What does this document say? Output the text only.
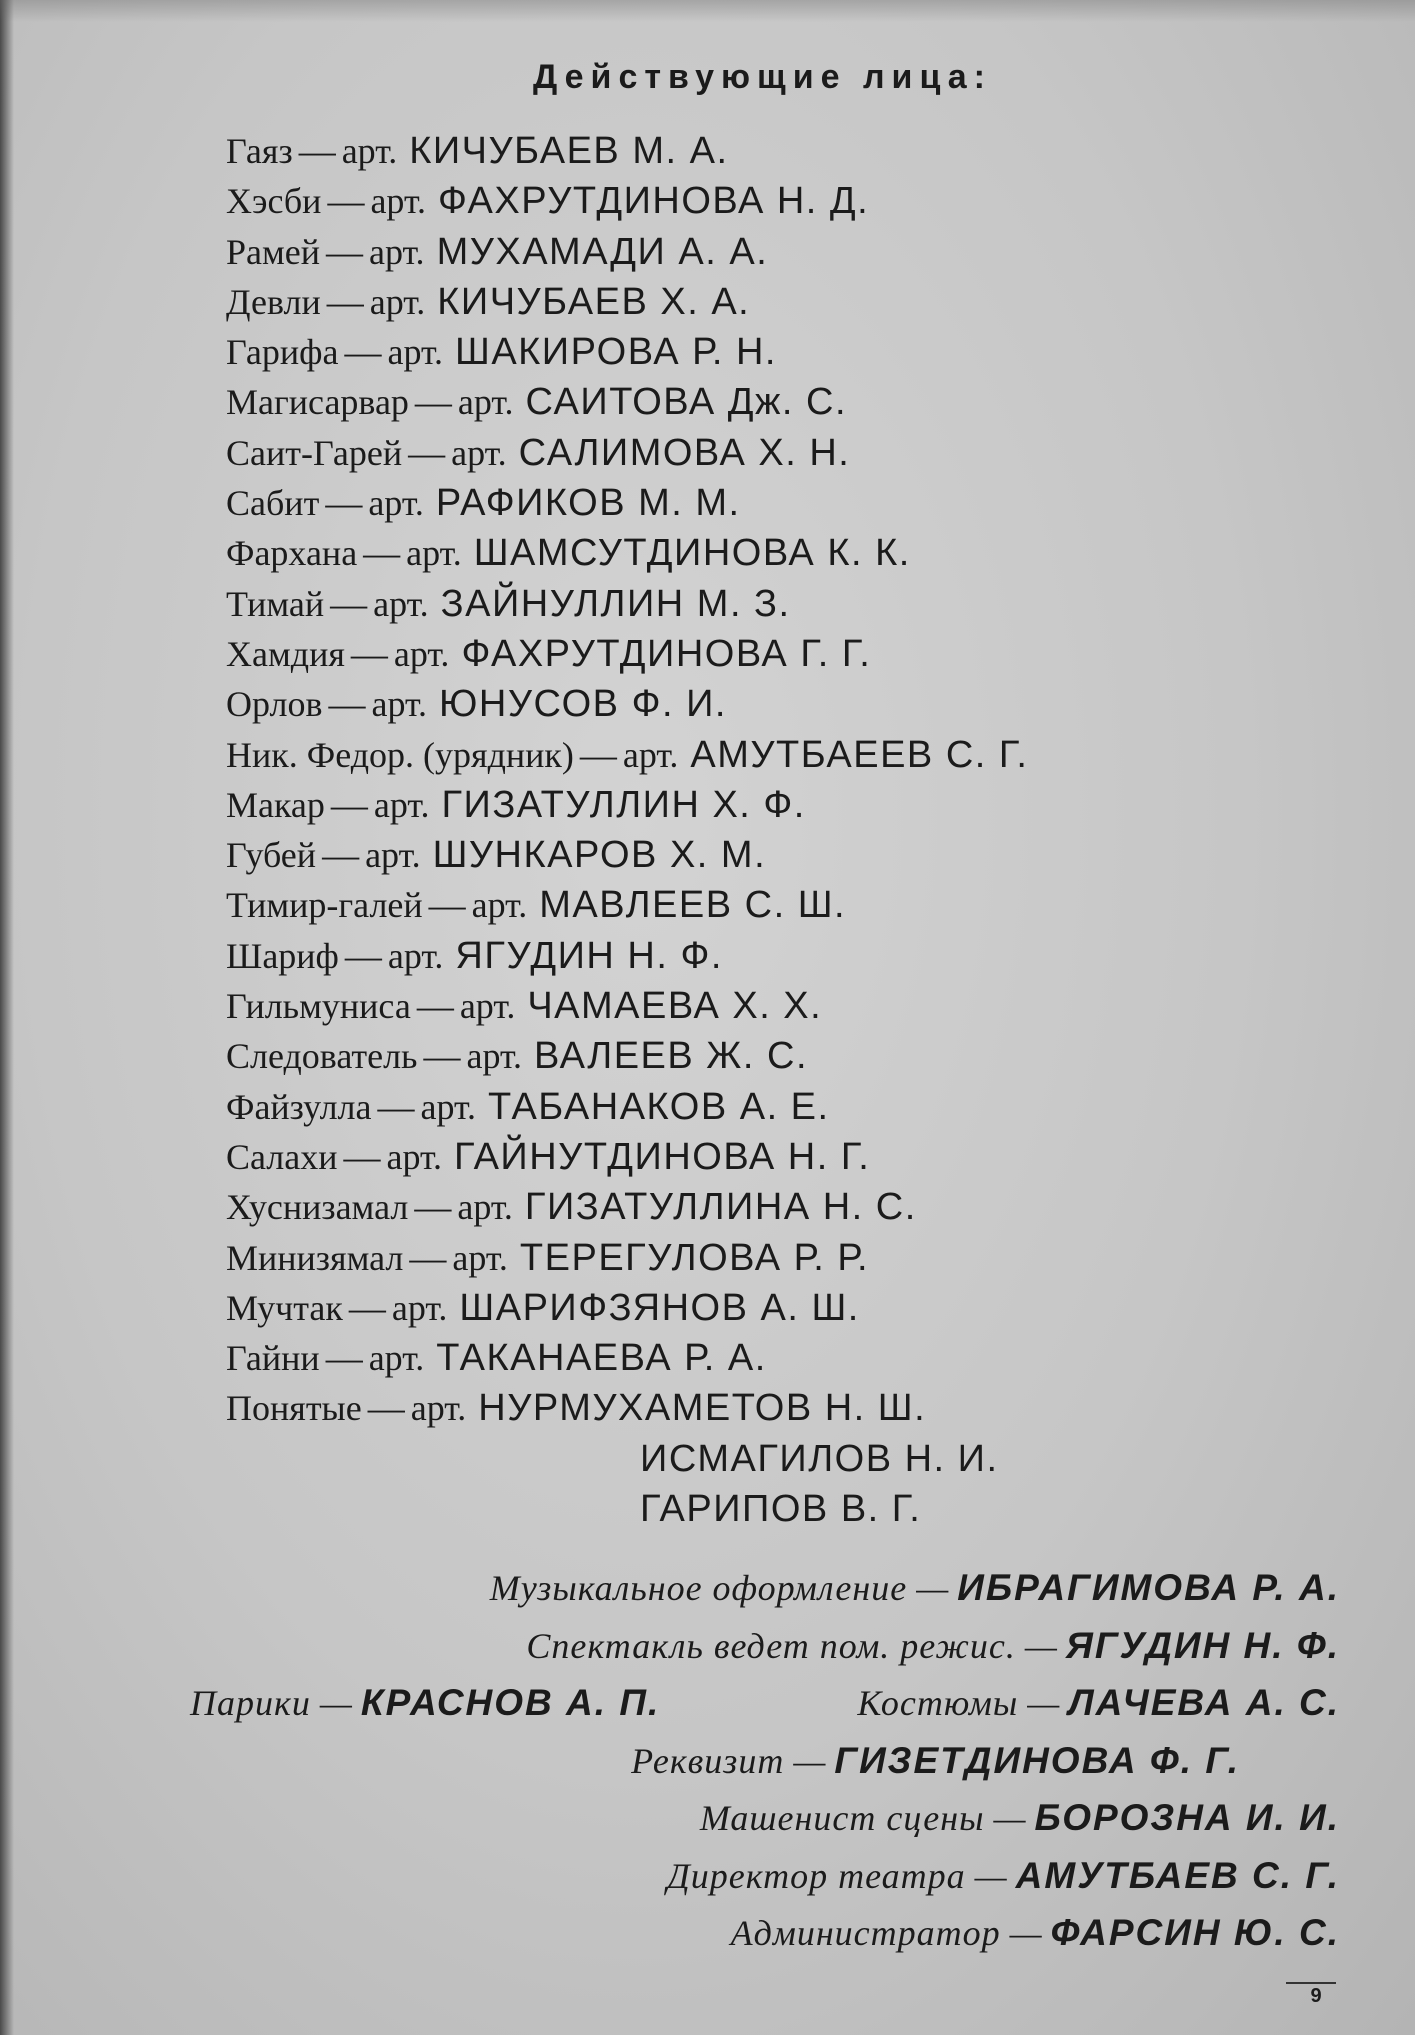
Действующие лица:
Гаяз — арт. КИЧУБАЕВ М. А.
Хэсби — арт. ФАХРУТДИНОВА Н. Д.
Рамей — арт. МУХАМАДИ А. А.
Девли — арт. КИЧУБАЕВ Х. А.
Гарифа — арт. ШАКИРОВА Р. Н.
Магисарвар — арт. САИТОВА Дж. С.
Саит-Гарей — арт. САЛИМОВА Х. Н.
Сабит — арт. РАФИКОВ М. М.
Фархана — арт. ШАМСУТДИНОВА К. К.
Тимай — арт. ЗАЙНУЛЛИН М. З.
Хамдия — арт. ФАХРУТДИНОВА Г. Г.
Орлов — арт. ЮНУСОВ Ф. И.
Ник. Федор. (урядник) — арт. АМУТБАЕЕВ С. Г.
Макар — арт. ГИЗАТУЛЛИН Х. Ф.
Губей — арт. ШУНКАРОВ Х. М.
Тимир-галей — арт. МАВЛЕЕВ С. Ш.
Шариф — арт. ЯГУДИН Н. Ф.
Гильмуниса — арт. ЧАМАЕВА Х. Х.
Следователь — арт. ВАЛЕЕВ Ж. С.
Файзулла — арт. ТАБАНАКОВ А. Е.
Салахи — арт. ГАЙНУТДИНОВА Н. Г.
Хуснизамал — арт. ГИЗАТУЛЛИНА Н. С.
Минизямал — арт. ТЕРЕГУЛОВА Р. Р.
Мучтак — арт. ШАРИФЗЯНОВ А. Ш.
Гайни — арт. ТАКАНАЕВА Р. А.
Понятые — арт. НУРМУХАМЕТОВ Н. Ш.
ИСМАГИЛОВ Н. И.
ГАРИПОВ В. Г.
Музыкальное оформление — ИБРАГИМОВА Р. А.
Спектакль ведет пом. режис. — ЯГУДИН Н. Ф.
Парики — КРАСНОВ А. П.	Костюмы — ЛАЧЕВА А. С.
Реквизит — ГИЗЕТДИНОВА Ф. Г.
Машенист сцены — БОРОЗНА И. И.
Директор театра — АМУТБАЕВ С. Г.
Администратор — ФАРСИН Ю. С.
9
